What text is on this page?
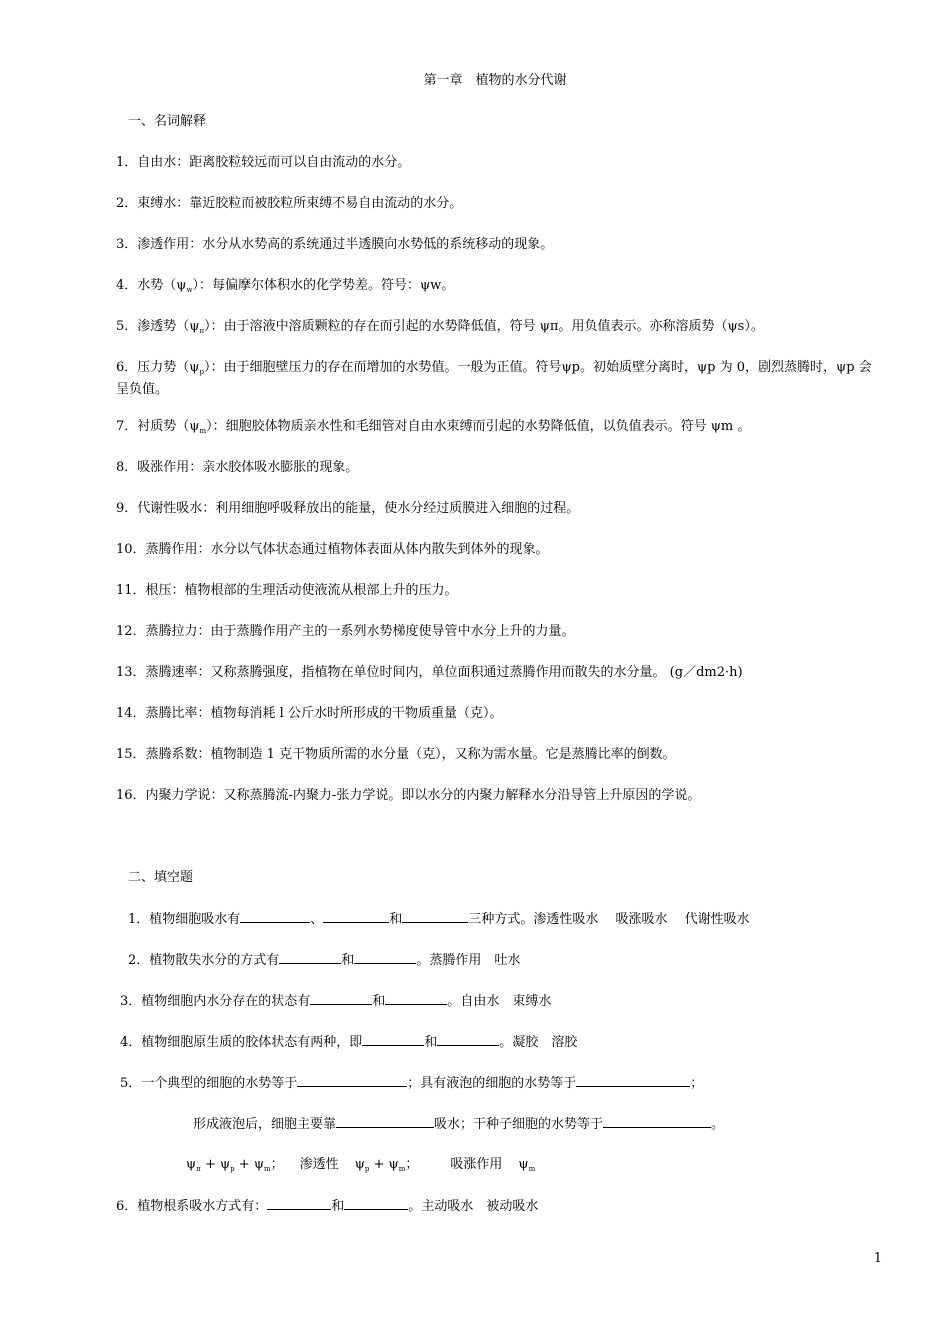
第一章　植物的水分代谢
一、名词解释
1．自由水：距离胶粒较远而可以自由流动的水分。
2．束缚水：靠近胶粒而被胶粒所束缚不易自由流动的水分。
3．渗透作用：水分从水势高的系统通过半透膜向水势低的系统移动的现象。
4．水势$(\psi_w)$：每偏摩尔体积水的化学势差。符号：ψw。
5．渗透势$(\psi_\pi)$：由于溶液中溶质颗粒的存在而引起的水势降低值，符号 ψπ。用负值表示。亦称溶质势（ψs）。
6．压力势$(\psi_p)$：由于细胞壁压力的存在而增加的水势值。一般为正值。符号ψp。初始质壁分离时，ψp 为 0，剧烈蒸腾时，ψp 会呈负值。
7．衬质势$(\psi_m)$：细胞胶体物质亲水性和毛细管对自由水束缚而引起的水势降低值，以负值表示。符号 ψm 。
8．吸涨作用：亲水胶体吸水膨胀的现象。
9．代谢性吸水：利用细胞呼吸释放出的能量，使水分经过质膜进入细胞的过程。
10．蒸腾作用：水分以气体状态通过植物体表面从体内散失到体外的现象。
11．根压：植物根部的生理活动使液流从根部上升的压力。
12．蒸腾拉力：由于蒸腾作用产主的一系列水势梯度使导管中水分上升的力量。
13．蒸腾速率：又称蒸腾强度，指植物在单位时间内，单位面积通过蒸腾作用而散失的水分量。 (g／dm2·h)
14．蒸腾比率：植物每消耗 l 公斤水时所形成的干物质重量（克）。
15．蒸腾系数：植物制造 1 克干物质所需的水分量（克），又称为需水量。它是蒸腾比率的倒数。
16．内聚力学说：又称蒸腾流-内聚力-张力学说。即以水分的内聚力解释水分沿导管上升原因的学说。
二、填空题
1．植物细胞吸水有	、	和	三种方式。渗透性吸水　 吸涨吸水　 代谢性吸水
2．植物散失水分的方式有	和	。蒸腾作用　吐水
3．植物细胞内水分存在的状态有	和	。自由水　束缚水
4．植物细胞原生质的胶体状态有两种，即	和	。凝胶　溶胶
5．一个典型的细胞的水势等于	；具有液泡的细胞的水势等于	；
形成液泡后，细胞主要靠	吸水；干种子细胞的水势等于	。
$\psi_\pi + \psi_p + \psi_m$； 渗透性 $\psi_p + \psi_m$； 吸涨作用 $\psi_m$
6．植物根系吸水方式有：	和	。主动吸水　被动吸水
1
